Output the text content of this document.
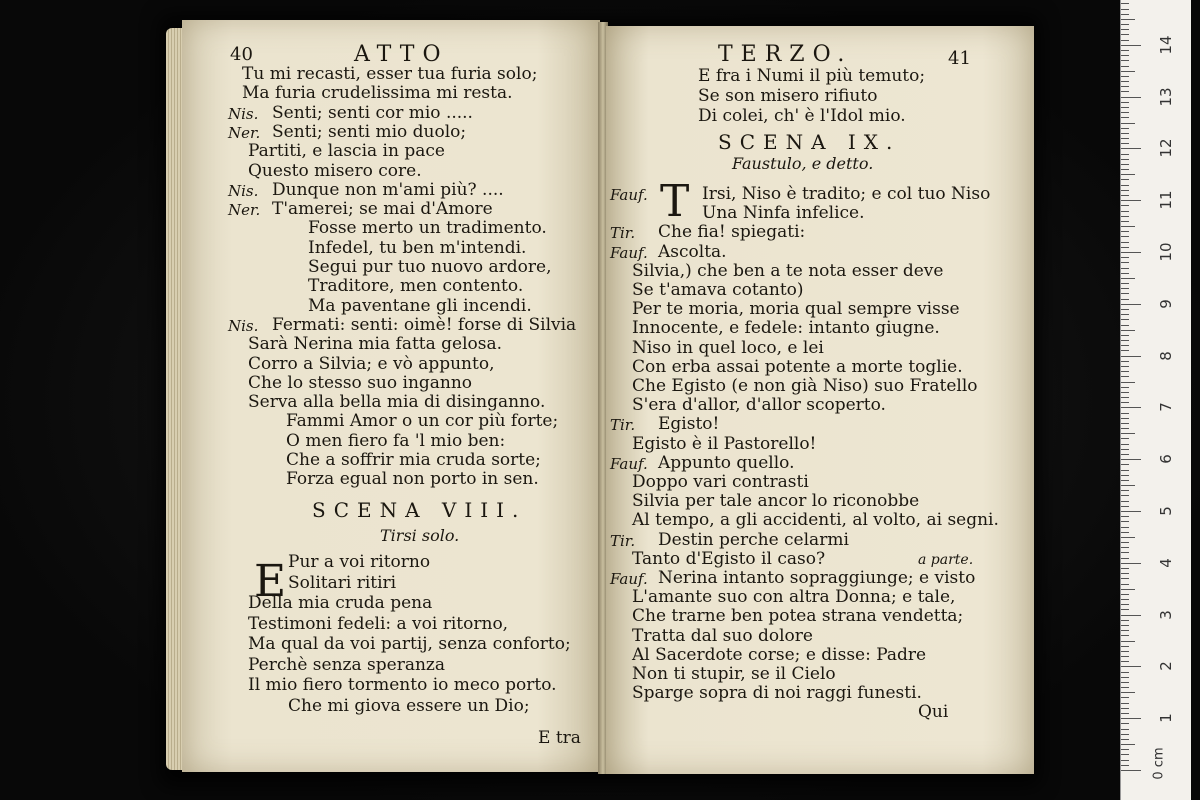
40	ATTO
Tu mi recasti, esser tua furia solo;
Ma furia crudelissima mi resta.
Nis. Senti; senti cor mio .....
Ner. Senti; senti mio duolo;
Partiti, e lascia in pace
Questo misero core.
Nis. Dunque non m'ami più? ....
Ner. T'amerei; se mai d'Amore
Fosse merto un tradimento.
Infedel, tu ben m'intendi.
Segui pur tuo nuovo ardore,
Traditore, men contento.
Ma paventane gli incendi.
Nis. Fermati: senti: oimè! forse di Silvia
Sarà Nerina mia fatta gelosa.
Corro a Silvia; e vò appunto,
Che lo stesso suo inganno
Serva alla bella mia di disinganno.
Fammi Amor o un cor più forte;
O men fiero fa 'l mio ben:
Che a soffrir mia cruda sorte;
Forza egual non porto in sen.
SCENA VIII.
Tirsi solo.
E Pur a voi ritorno
Solitari ritiri
Della mia cruda pena
Testimoni fedeli: a voi ritorno,
Ma qual da voi partij, senza conforto;
Perchè senza speranza
Il mio fiero tormento io meco porto.
Che mi giova essere un Dio;
E tra
TERZO.	41
E fra i Numi il più temuto;
Se son misero rifiuto
Di colei, ch' è l'Idol mio.
SCENA IX.
Faustulo, e detto.
T
Fauf.	Irsi, Niso è tradito; e col tuo Niso
Una Ninfa infelice.
Tir. Che fia! spiegati:
Fauf. Ascolta.
Silvia,) che ben a te nota esser deve
Se t'amava cotanto)
Per te moria, moria qual sempre visse
Innocente, e fedele: intanto giugne.
Niso in quel loco, e lei
Con erba assai potente a morte toglie.
Che Egisto (e non già Niso) suo Fratello
S'era d'allor, d'allor scoperto.
Tir. Egisto!
Egisto è il Pastorello!
Fauf. Appunto quello.
Doppo vari contrasti
Silvia per tale ancor lo riconobbe
Al tempo, a gli accidenti, al volto, ai segni.
Tir. Destin perche celarmi
Tanto d'Egisto il caso?
Fauf. Nerina intanto sopraggiunge; e visto
L'amante suo con altra Donna; e tale,
Che trarne ben potea strana vendetta;
Tratta dal suo dolore
Al Sacerdote corse; e disse: Padre
Non ti stupir, se il Cielo
Sparge sopra di noi raggi funesti.
a parte.
Qui
0 cm
1
2
3
4
5
6
7
8
9
10
11
12
13
14
